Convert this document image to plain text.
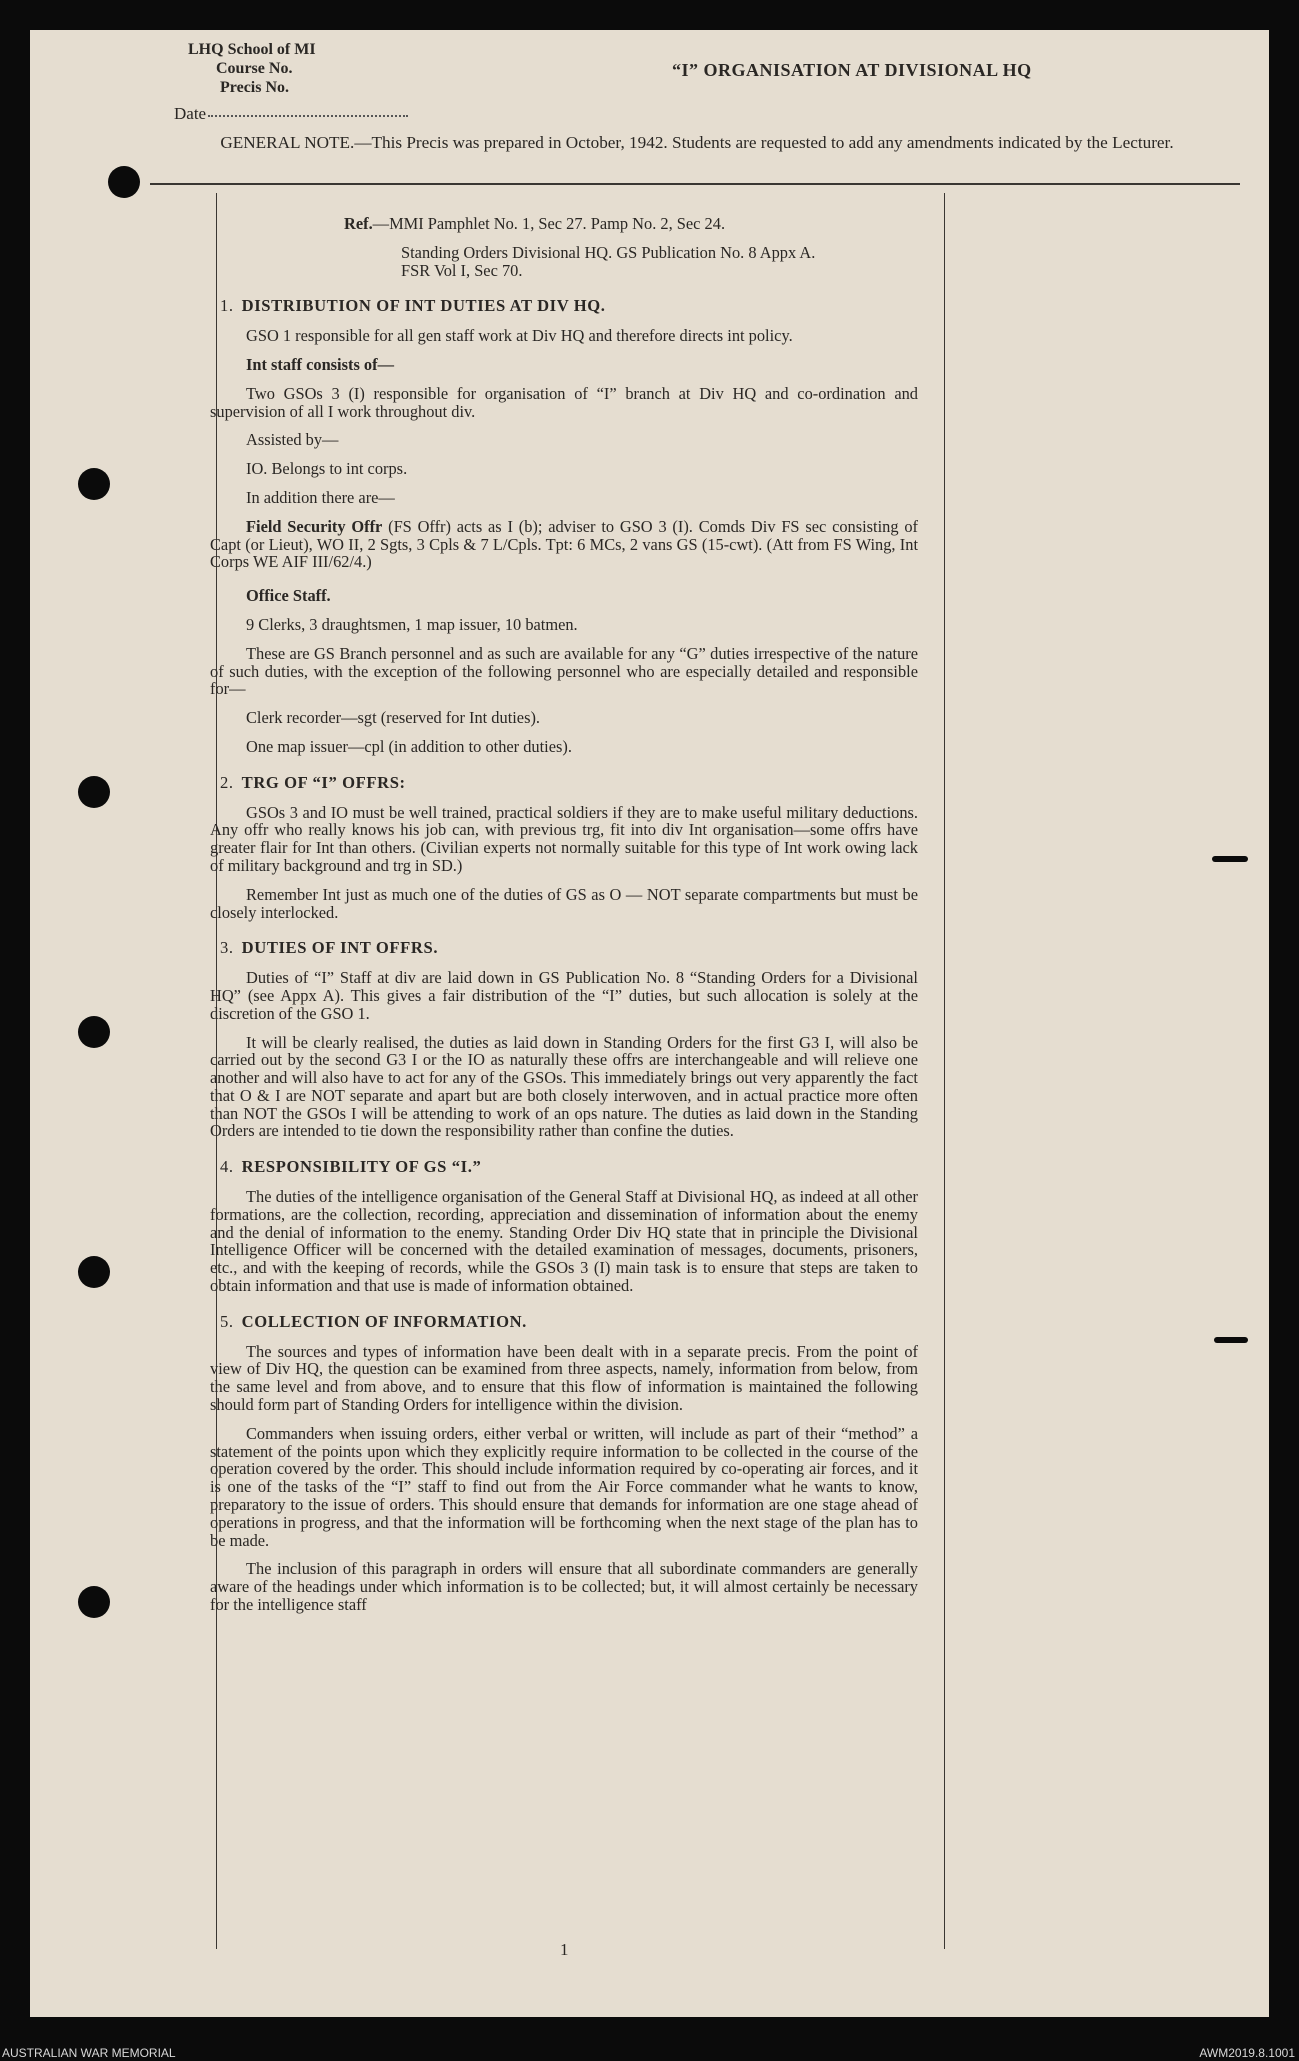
LHQ School of MI
Course No.
Precis No.
“I” ORGANISATION AT DIVISIONAL HQ
Date
GENERAL NOTE.—This Precis was prepared in October, 1942. Students are requested to add any amendments indicated by the Lecturer.

Ref.—MMI Pamphlet No. 1, Sec 27. Pamp No. 2, Sec 24.

Standing Orders Divisional HQ. GS Publication No. 8 Appx A.

FSR Vol I, Sec 70.

1. DISTRIBUTION OF INT DUTIES AT DIV HQ.

GSO 1 responsible for all gen staff work at Div HQ and therefore directs int policy.

Int staff consists of—

Two GSOs 3 (I) responsible for organisation of “I” branch at Div HQ and co-ordination and supervision of all I work throughout div.

Assisted by—

IO. Belongs to int corps.

In addition there are—

Field Security Offr (FS Offr) acts as I (b); adviser to GSO 3 (I). Comds Div FS sec consisting of Capt (or Lieut), WO II, 2 Sgts, 3 Cpls & 7 L/Cpls. Tpt: 6 MCs, 2 vans GS (15-cwt). (Att from FS Wing, Int Corps WE AIF III/62/4.)

Office Staff.

9 Clerks, 3 draughtsmen, 1 map issuer, 10 batmen.

These are GS Branch personnel and as such are available for any “G” duties irrespective of the nature of such duties, with the exception of the following personnel who are especially detailed and responsible for—

Clerk recorder—sgt (reserved for Int duties).

One map issuer—cpl (in addition to other duties).

2. TRG OF “I” OFFRS:

GSOs 3 and IO must be well trained, practical soldiers if they are to make useful military deductions. Any offr who really knows his job can, with previous trg, fit into div Int organisation—some offrs have greater flair for Int than others. (Civilian experts not normally suitable for this type of Int work owing lack of military background and trg in SD.)

Remember Int just as much one of the duties of GS as O — NOT separate compartments but must be closely interlocked.

3. DUTIES OF INT OFFRS.

Duties of “I” Staff at div are laid down in GS Publication No. 8 “Standing Orders for a Divisional HQ” (see Appx A). This gives a fair distribution of the “I” duties, but such allocation is solely at the discretion of the GSO 1.

It will be clearly realised, the duties as laid down in Standing Orders for the first G3 I, will also be carried out by the second G3 I or the IO as naturally these offrs are interchangeable and will relieve one another and will also have to act for any of the GSOs. This immediately brings out very apparently the fact that O & I are NOT separate and apart but are both closely interwoven, and in actual practice more often than NOT the GSOs I will be attending to work of an ops nature. The duties as laid down in the Standing Orders are intended to tie down the responsibility rather than confine the duties.

4. RESPONSIBILITY OF GS “I.”

The duties of the intelligence organisation of the General Staff at Divisional HQ, as indeed at all other formations, are the collection, recording, appreciation and dissemination of information about the enemy and the denial of information to the enemy. Standing Order Div HQ state that in principle the Divisional Intelligence Officer will be concerned with the detailed examination of messages, documents, prisoners, etc., and with the keeping of records, while the GSOs 3 (I) main task is to ensure that steps are taken to obtain information and that use is made of information obtained.

5. COLLECTION OF INFORMATION.

The sources and types of information have been dealt with in a separate precis. From the point of view of Div HQ, the question can be examined from three aspects, namely, information from below, from the same level and from above, and to ensure that this flow of information is maintained the following should form part of Standing Orders for intelligence within the division.

Commanders when issuing orders, either verbal or written, will include as part of their “method” a statement of the points upon which they explicitly require information to be collected in the course of the operation covered by the order. This should include information required by co-operating air forces, and it is one of the tasks of the “I” staff to find out from the Air Force commander what he wants to know, preparatory to the issue of orders. This should ensure that demands for information are one stage ahead of operations in progress, and that the information will be forthcoming when the next stage of the plan has to be made.

The inclusion of this paragraph in orders will ensure that all subordinate commanders are generally aware of the headings under which information is to be collected; but, it will almost certainly be necessary for the intelligence staff

1
AUSTRALIAN WAR MEMORIAL	AWM2019.8.1001
